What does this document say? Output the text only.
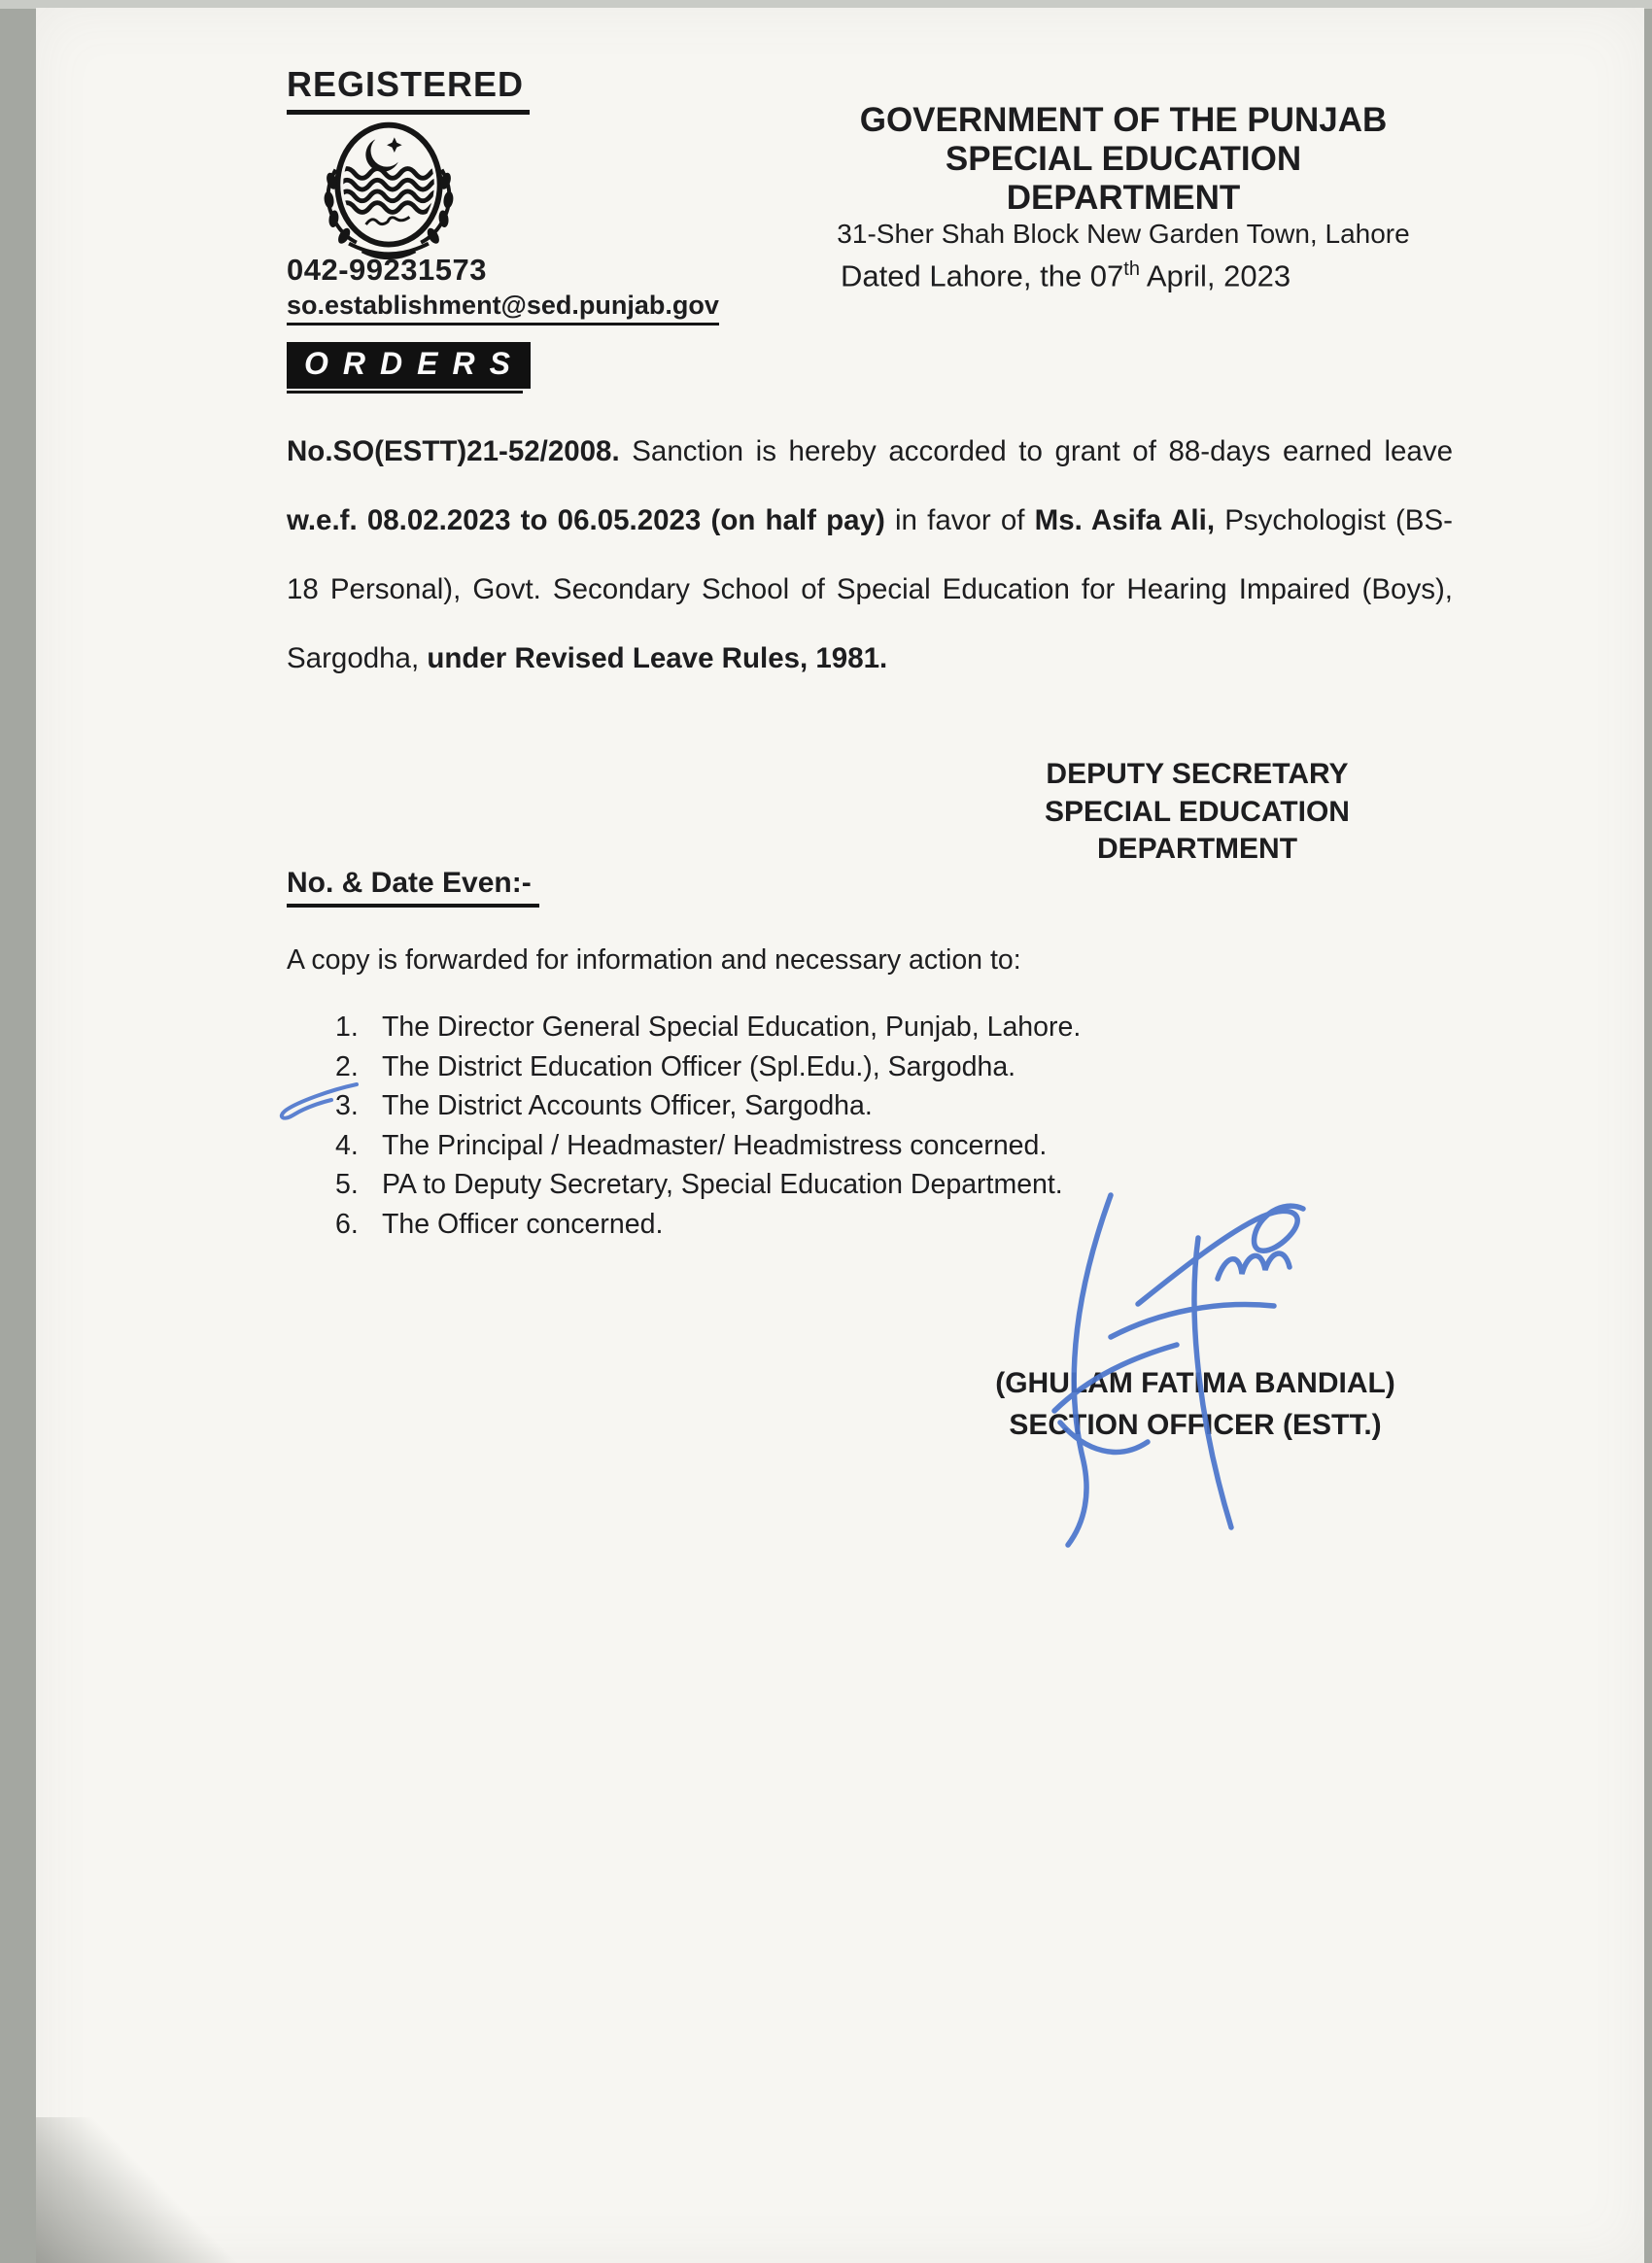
REGISTERED
042-99231573
so.establishment@sed.punjab.gov
GOVERNMENT OF THE PUNJAB
SPECIAL EDUCATION DEPARTMENT
31-Sher Shah Block New Garden Town, Lahore
Dated Lahore, the 07th April, 2023
ORDERS
No.SO(ESTT)21-52/2008. Sanction is hereby accorded to grant of 88-days earned leave w.e.f. 08.02.2023 to 06.05.2023 (on half pay) in favor of Ms. Asifa Ali, Psychologist (BS-18 Personal), Govt. Secondary School of Special Education for Hearing Impaired (Boys), Sargodha, under Revised Leave Rules, 1981.
DEPUTY SECRETARY
SPECIAL EDUCATION
DEPARTMENT
No. & Date Even:-
A copy is forwarded for information and necessary action to:
1. The Director General Special Education, Punjab, Lahore.
2. The District Education Officer (Spl.Edu.), Sargodha.
3. The District Accounts Officer, Sargodha.
4. The Principal / Headmaster/ Headmistress concerned.
5. PA to Deputy Secretary, Special Education Department.
6. The Officer concerned.
(GHULAM FATIMA BANDIAL)
SECTION OFFICER (ESTT.)
